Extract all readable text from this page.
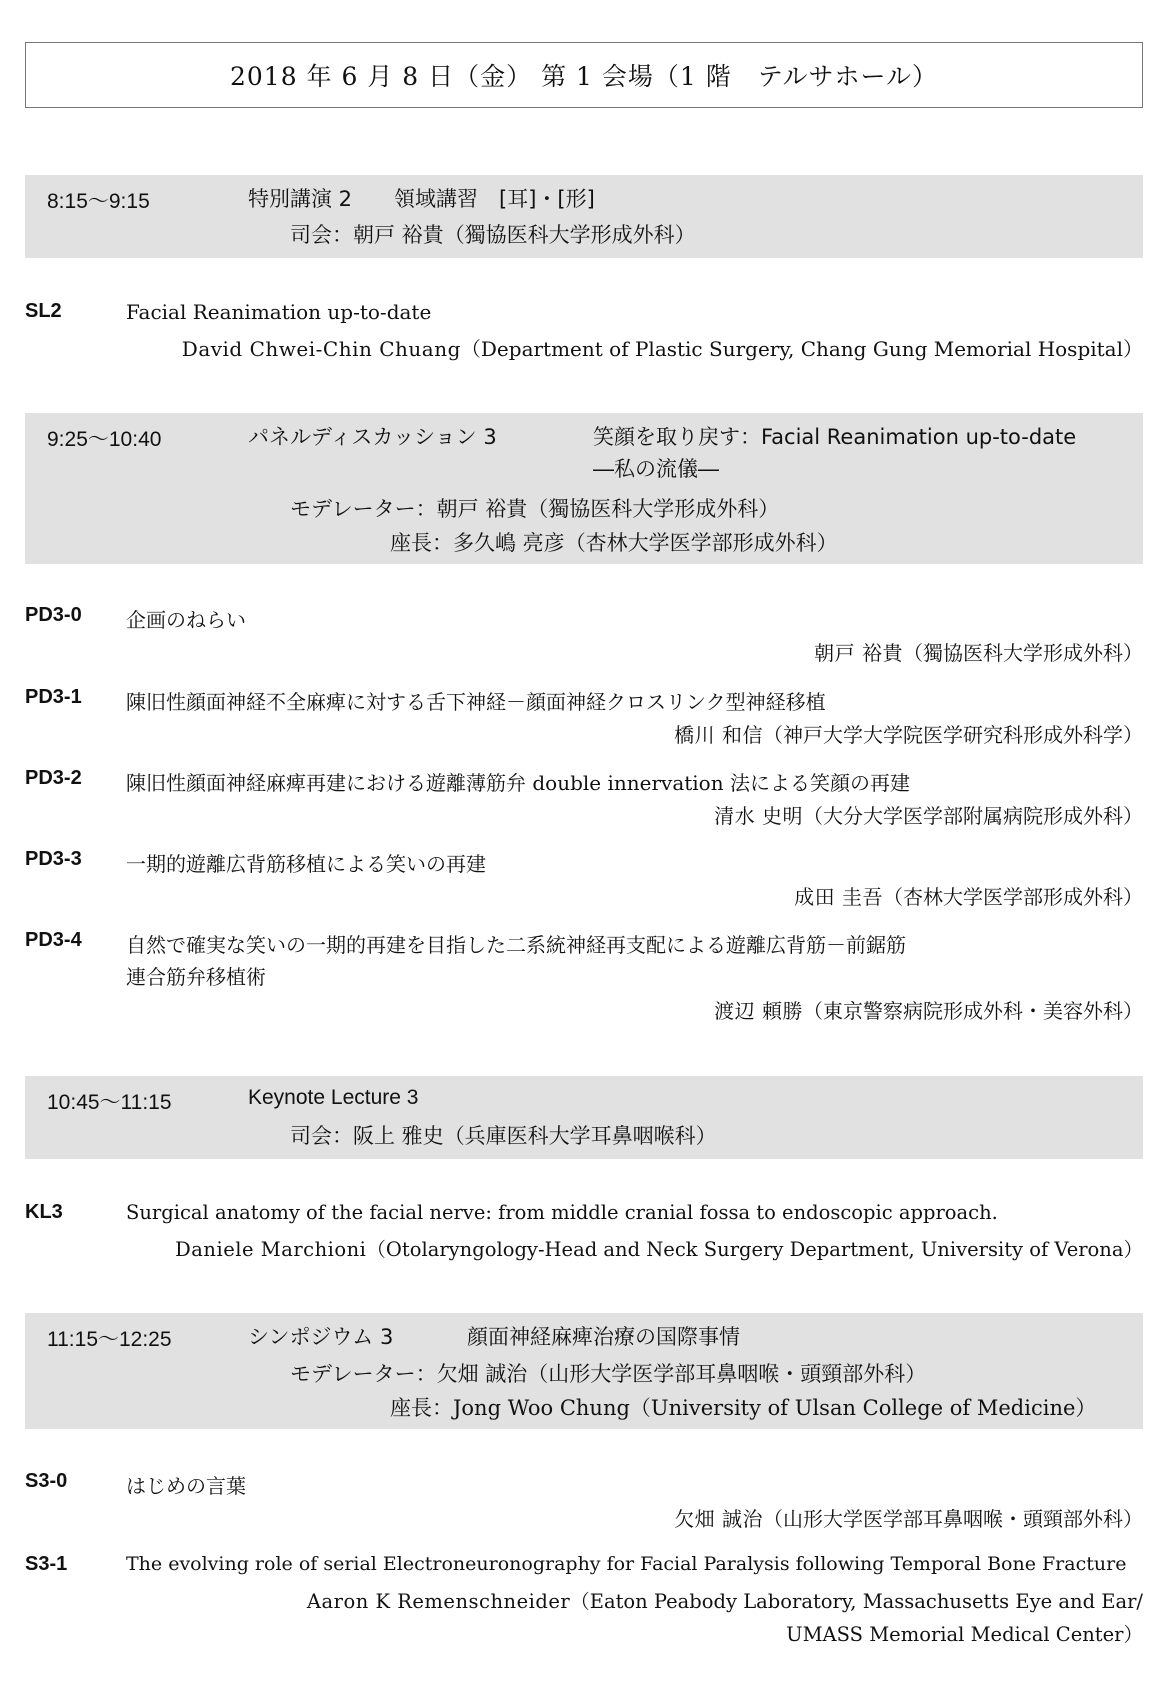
2018 年 6 月 8 日（金） 第 1 会場（1 階　テルサホール）
8:15〜9:15	特別講演 2　　領域講習　[耳]・[形]
司会：朝戸 裕貴（獨協医科大学形成外科）
SL2	Facial Reanimation up-to-date
David Chwei-Chin Chuang（Department of Plastic Surgery, Chang Gung Memorial Hospital）
9:25〜10:40	パネルディスカッション 3	笑顔を取り戻す：Facial Reanimation up-to-date
―私の流儀―
モデレーター：朝戸 裕貴（獨協医科大学形成外科）
座長：多久嶋 亮彦（杏林大学医学部形成外科）
PD3-0 企画のねらい
朝戸 裕貴（獨協医科大学形成外科）
PD3-1 陳旧性顔面神経不全麻痺に対する舌下神経－顔面神経クロスリンク型神経移植
橋川 和信（神戸大学大学院医学研究科形成外科学）
PD3-2 陳旧性顔面神経麻痺再建における遊離薄筋弁 double innervation 法による笑顔の再建
清水 史明（大分大学医学部附属病院形成外科）
PD3-3 一期的遊離広背筋移植による笑いの再建
成田 圭吾（杏林大学医学部形成外科）
PD3-4 自然で確実な笑いの一期的再建を目指した二系統神経再支配による遊離広背筋－前鋸筋
連合筋弁移植術
渡辺 頼勝（東京警察病院形成外科・美容外科）
10:45〜11:15	Keynote Lecture 3
司会：阪上 雅史（兵庫医科大学耳鼻咽喉科）
KL3	Surgical anatomy of the facial nerve: from middle cranial fossa to endoscopic approach.
Daniele Marchioni（Otolaryngology-Head and Neck Surgery Department, University of Verona）
11:15〜12:25	シンポジウム 3	顔面神経麻痺治療の国際事情
モデレーター：欠畑 誠治（山形大学医学部耳鼻咽喉・頭頸部外科）
座長：Jong Woo Chung（University of Ulsan College of Medicine）
S3-0	はじめの言葉
欠畑 誠治（山形大学医学部耳鼻咽喉・頭頸部外科）
S3-1	The evolving role of serial Electroneuronography for Facial Paralysis following Temporal Bone Fracture
Aaron K Remenschneider（Eaton Peabody Laboratory, Massachusetts Eye and Ear/
UMASS Memorial Medical Center）
